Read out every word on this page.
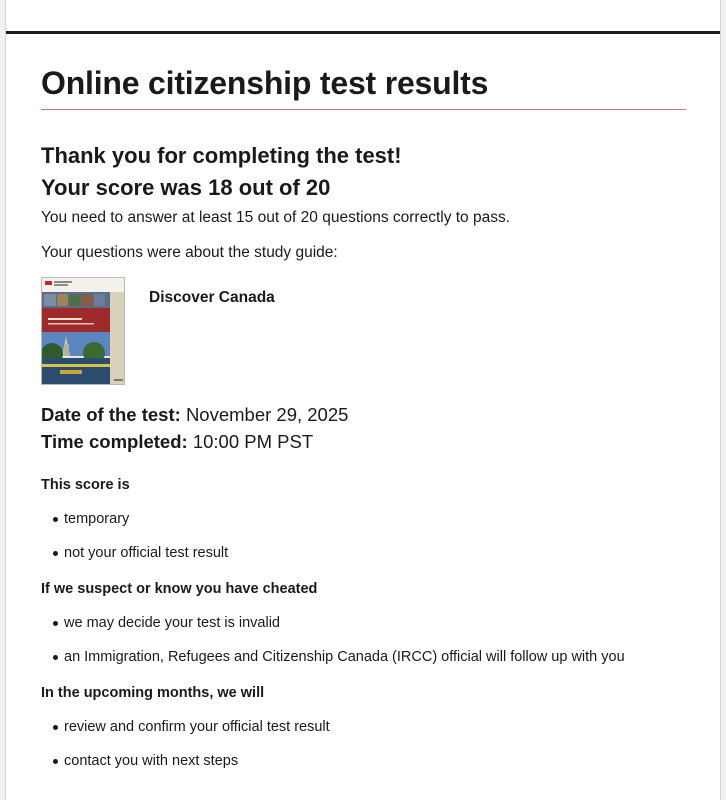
Online citizenship test results

Thank you for completing the test!

Your score was 18 out of 20

You need to answer at least 15 out of 20 questions correctly to pass.

Your questions were about the study guide:

Discover Canada
Date of the test: November 29, 2025
Time completed: 10:00 PM PST

This score is

temporary
not your official test result

If we suspect or know you have cheated

we may decide your test is invalid
an Immigration, Refugees and Citizenship Canada (IRCC) official will follow up with you

In the upcoming months, we will

review and confirm your official test result
contact you with next steps
